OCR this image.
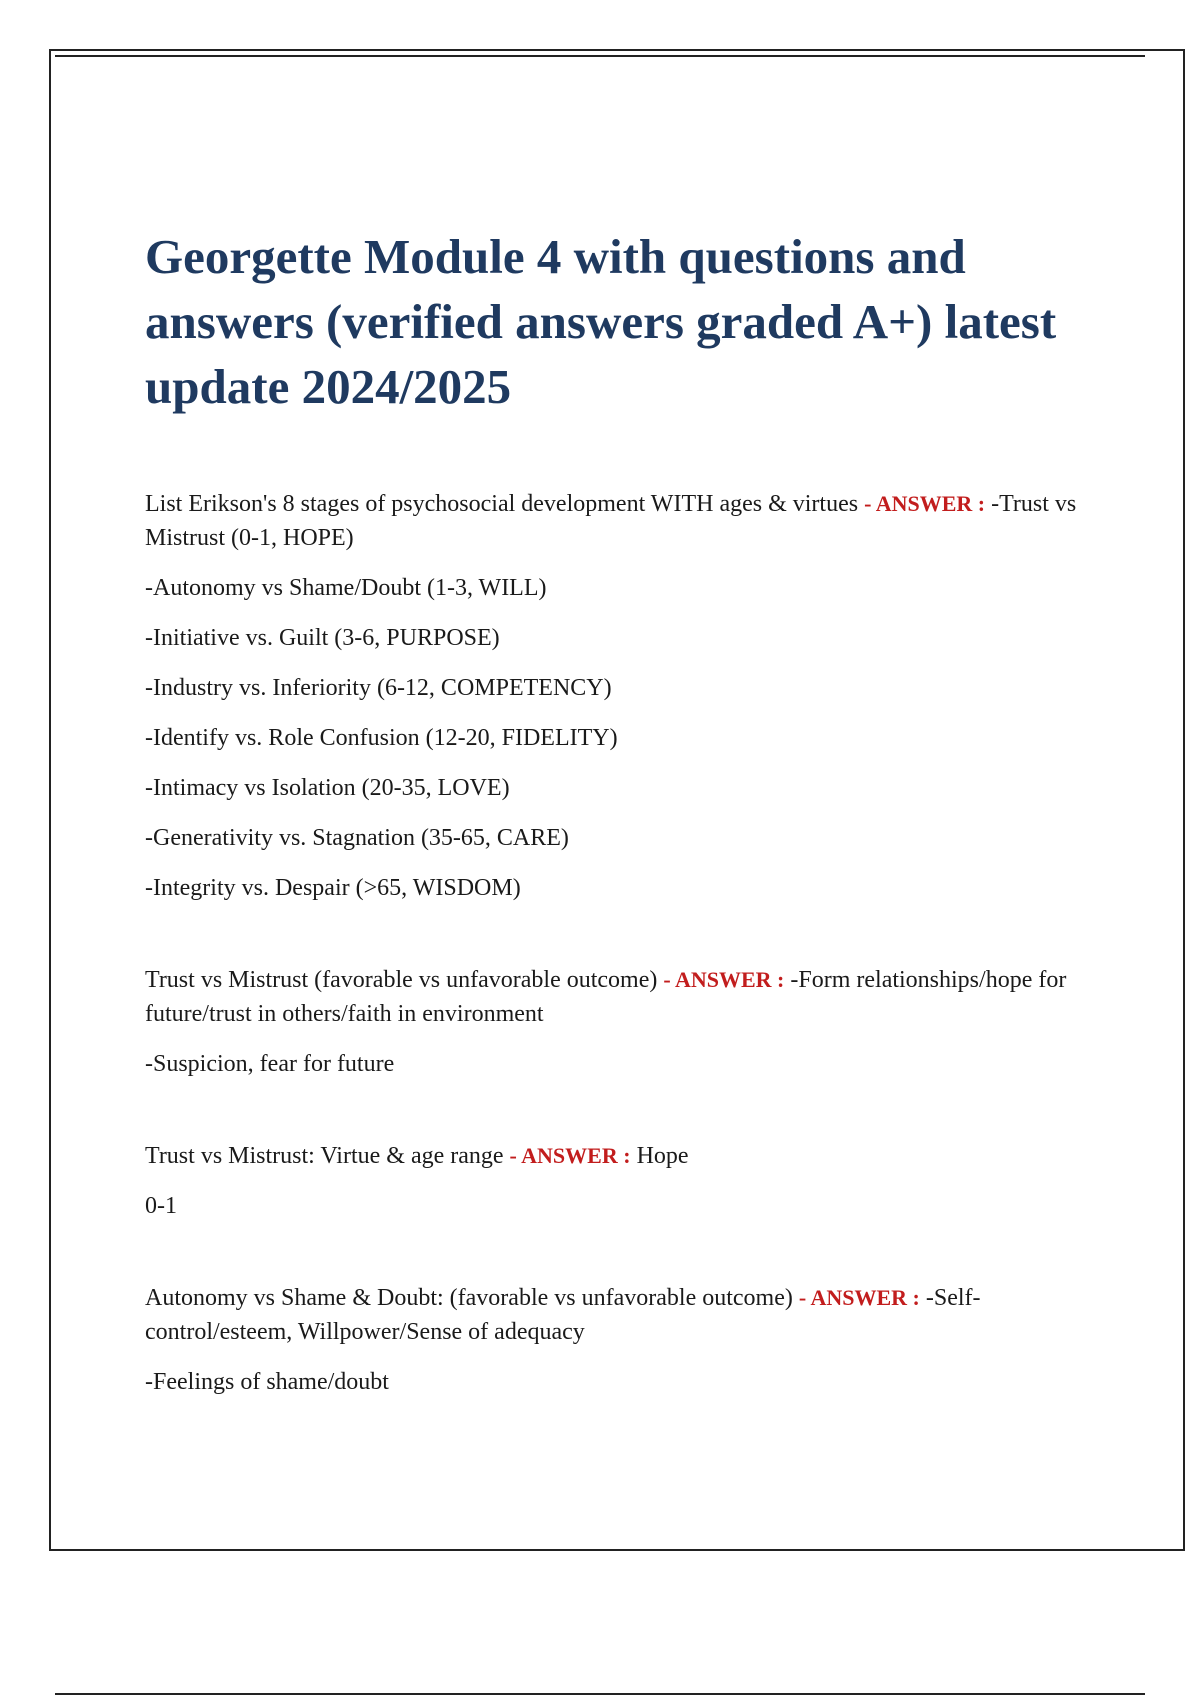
Georgette Module 4 with questions and answers (verified answers graded A+) latest update 2024/2025

List Erikson's 8 stages of psychosocial development WITH ages & virtues - ANSWER : -Trust vs Mistrust (0-1, HOPE)

-Autonomy vs Shame/Doubt (1-3, WILL)

-Initiative vs. Guilt (3-6, PURPOSE)

-Industry vs. Inferiority (6-12, COMPETENCY)

-Identify vs. Role Confusion (12-20, FIDELITY)

-Intimacy vs Isolation (20-35, LOVE)

-Generativity vs. Stagnation (35-65, CARE)

-Integrity vs. Despair (>65, WISDOM)

Trust vs Mistrust (favorable vs unfavorable outcome) - ANSWER : -Form relationships/hope for future/trust in others/faith in environment

-Suspicion, fear for future

Trust vs Mistrust: Virtue & age range - ANSWER : Hope

0-1

Autonomy vs Shame & Doubt: (favorable vs unfavorable outcome) - ANSWER : -Self-control/esteem, Willpower/Sense of adequacy

-Feelings of shame/doubt
